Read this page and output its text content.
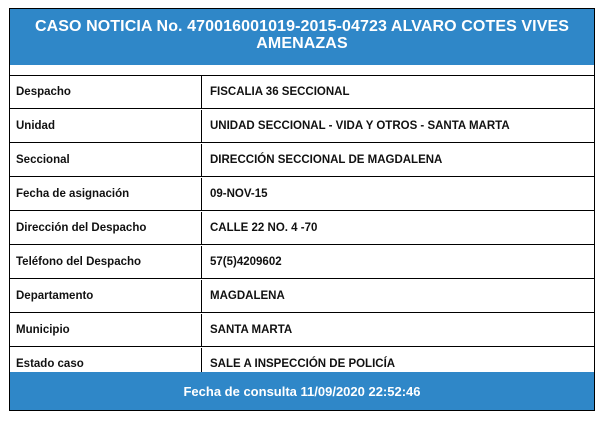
CASO NOTICIA No. 470016001019-2015-04723 ALVARO COTES VIVES AMENAZAS
Despacho	FISCALIA 36 SECCIONAL
Unidad	UNIDAD SECCIONAL - VIDA Y OTROS - SANTA MARTA
Seccional	DIRECCIÓN SECCIONAL DE MAGDALENA
Fecha de asignación	09-NOV-15
Dirección del Despacho	CALLE 22 NO. 4 -70
Teléfono del Despacho	57(5)4209602
Departamento	MAGDALENA
Municipio	SANTA MARTA
Estado caso	SALE A INSPECCIÓN DE POLICÍA
Fecha de consulta 11/09/2020 22:52:46
